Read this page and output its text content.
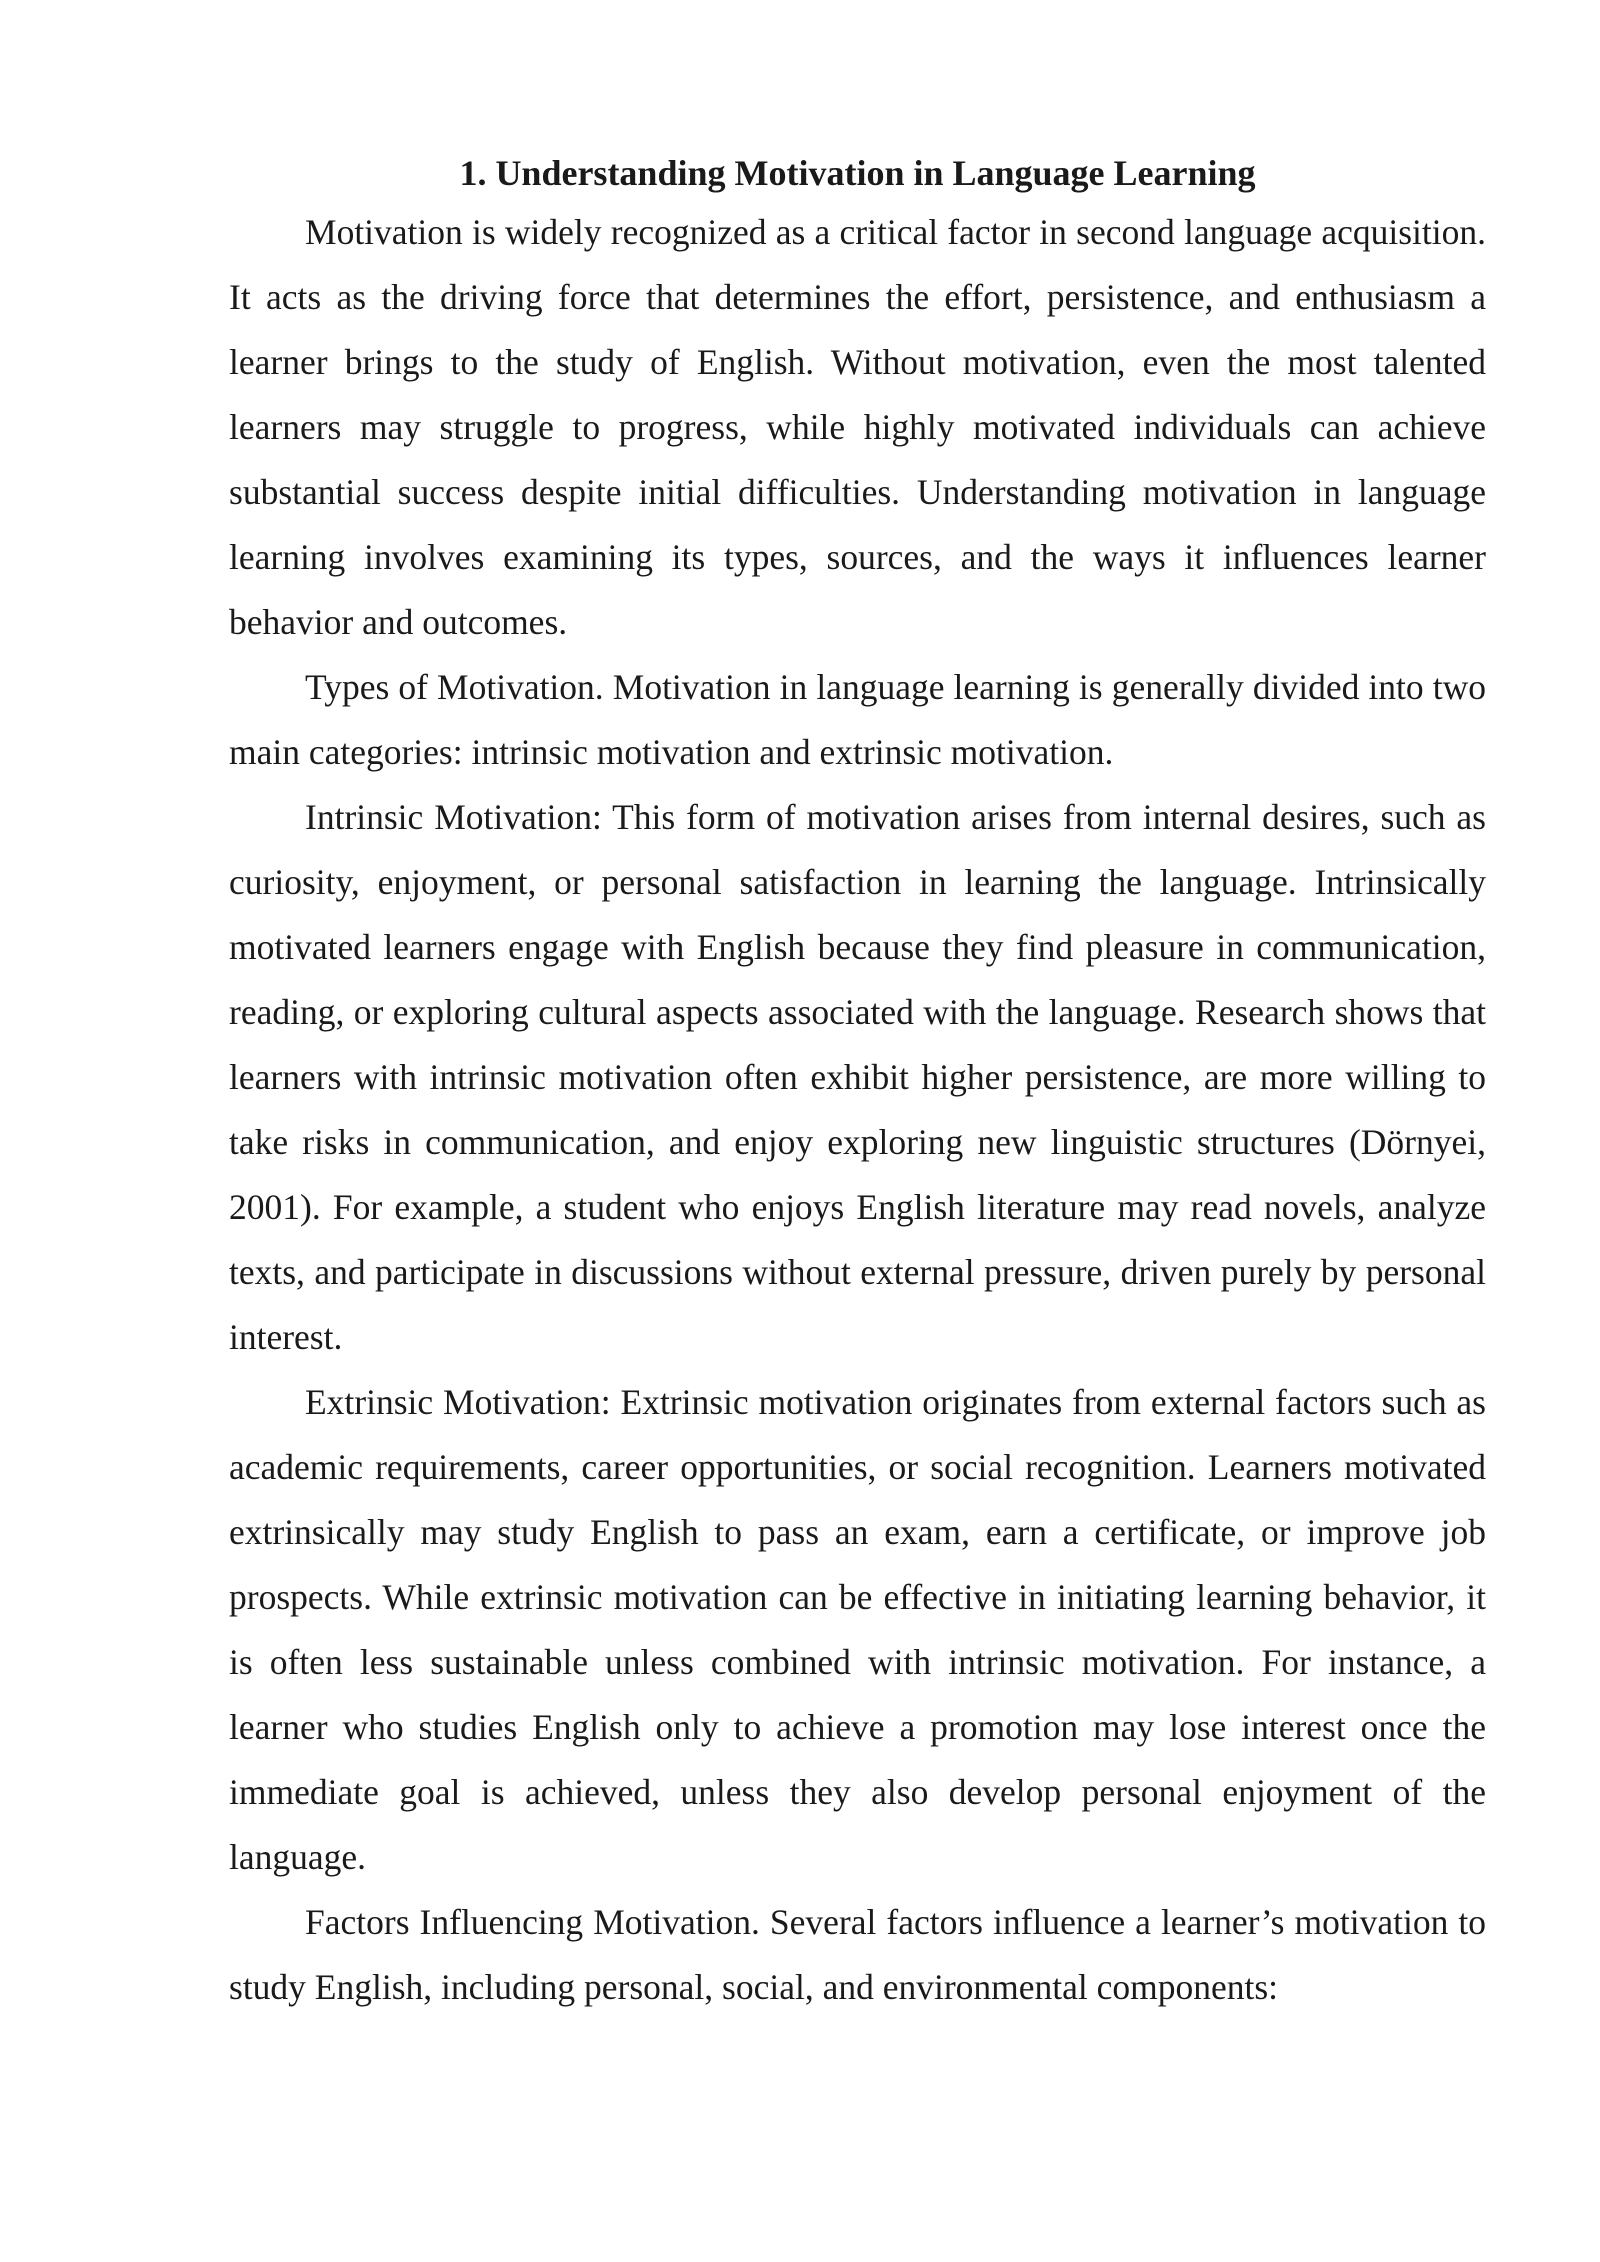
1. Understanding Motivation in Language Learning

Motivation is widely recognized as a critical factor in second language acquisition. It acts as the driving force that determines the effort, persistence, and enthusiasm a learner brings to the study of English. Without motivation, even the most talented learners may struggle to progress, while highly motivated individuals can achieve substantial success despite initial difficulties. Understanding motivation in language learning involves examining its types, sources, and the ways it influences learner behavior and outcomes.

Types of Motivation. Motivation in language learning is generally divided into two main categories: intrinsic motivation and extrinsic motivation.

Intrinsic Motivation: This form of motivation arises from internal desires, such as curiosity, enjoyment, or personal satisfaction in learning the language. Intrinsically motivated learners engage with English because they find pleasure in communication, reading, or exploring cultural aspects associated with the language. Research shows that learners with intrinsic motivation often exhibit higher persistence, are more willing to take risks in communication, and enjoy exploring new linguistic structures (Dörnyei, 2001). For example, a student who enjoys English literature may read novels, analyze texts, and participate in discussions without external pressure, driven purely by personal interest.

Extrinsic Motivation: Extrinsic motivation originates from external factors such as academic requirements, career opportunities, or social recognition. Learners motivated extrinsically may study English to pass an exam, earn a certificate, or improve job prospects. While extrinsic motivation can be effective in initiating learning behavior, it is often less sustainable unless combined with intrinsic motivation. For instance, a learner who studies English only to achieve a promotion may lose interest once the immediate goal is achieved, unless they also develop personal enjoyment of the language.

Factors Influencing Motivation. Several factors influence a learner’s motivation to study English, including personal, social, and environmental components:
